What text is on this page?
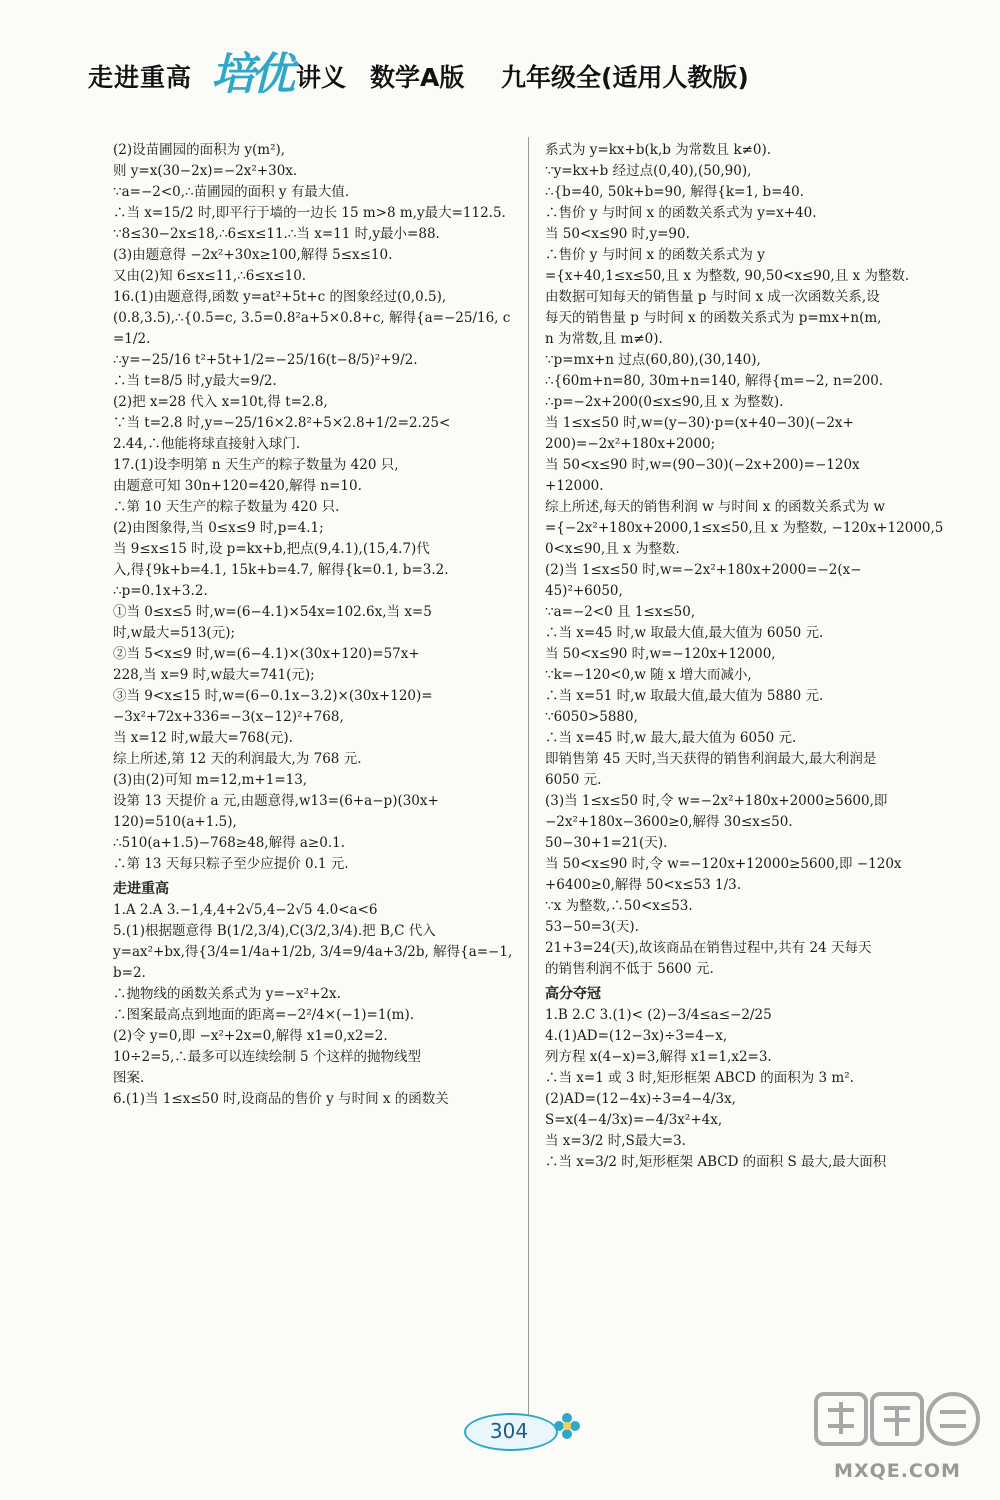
走进重高 培优 讲义 数学A版 九年级全(适用人教版)

(2)设苗圃园的面积为 y(m²),

则 y=x(30−2x)=−2x²+30x.

∵a=−2<0,∴苗圃园的面积 y 有最大值.

∴当 x=15/2 时,即平行于墙的一边长 15 m>8 m,y最大=112.5.

∵8≤30−2x≤18,∴6≤x≤11.∴当 x=11 时,y最小=88.

(3)由题意得 −2x²+30x≥100,解得 5≤x≤10.

又由(2)知 6≤x≤11,∴6≤x≤10.

16.(1)由题意得,函数 y=at²+5t+c 的图象经过(0,0.5),

(0.8,3.5),∴{0.5=c, 3.5=0.8²a+5×0.8+c, 解得{a=−25/16, c=1/2.

∴y=−25/16 t²+5t+1/2=−25/16(t−8/5)²+9/2.

∴当 t=8/5 时,y最大=9/2.

(2)把 x=28 代入 x=10t,得 t=2.8,

∵当 t=2.8 时,y=−25/16×2.8²+5×2.8+1/2=2.25<

2.44,∴他能将球直接射入球门.

17.(1)设李明第 n 天生产的粽子数量为 420 只,

由题意可知 30n+120=420,解得 n=10.

∴第 10 天生产的粽子数量为 420 只.

(2)由图象得,当 0≤x≤9 时,p=4.1;

当 9≤x≤15 时,设 p=kx+b,把点(9,4.1),(15,4.7)代

入,得{9k+b=4.1, 15k+b=4.7, 解得{k=0.1, b=3.2.

∴p=0.1x+3.2.

①当 0≤x≤5 时,w=(6−4.1)×54x=102.6x,当 x=5

时,w最大=513(元);

②当 5<x≤9 时,w=(6−4.1)×(30x+120)=57x+

228,当 x=9 时,w最大=741(元);

③当 9<x≤15 时,w=(6−0.1x−3.2)×(30x+120)=

−3x²+72x+336=−3(x−12)²+768,

当 x=12 时,w最大=768(元).

综上所述,第 12 天的利润最大,为 768 元.

(3)由(2)可知 m=12,m+1=13,

设第 13 天提价 a 元,由题意得,w13=(6+a−p)(30x+

120)=510(a+1.5),

∴510(a+1.5)−768≥48,解得 a≥0.1.

∴第 13 天每只粽子至少应提价 0.1 元.

走进重高

1.A 2.A 3.−1,4,4+2√5,4−2√5 4.0<a<6

5.(1)根据题意得 B(1/2,3/4),C(3/2,3/4).把 B,C 代入

y=ax²+bx,得{3/4=1/4a+1/2b, 3/4=9/4a+3/2b, 解得{a=−1, b=2.

∴抛物线的函数关系式为 y=−x²+2x.

∴图案最高点到地面的距离=−2²/4×(−1)=1(m).

(2)令 y=0,即 −x²+2x=0,解得 x1=0,x2=2.

10÷2=5,∴最多可以连续绘制 5 个这样的抛物线型

图案.

6.(1)当 1≤x≤50 时,设商品的售价 y 与时间 x 的函数关

系式为 y=kx+b(k,b 为常数且 k≠0).

∵y=kx+b 经过点(0,40),(50,90),

∴{b=40, 50k+b=90, 解得{k=1, b=40.

∴售价 y 与时间 x 的函数关系式为 y=x+40.

当 50<x≤90 时,y=90.

∴售价 y 与时间 x 的函数关系式为 y

={x+40,1≤x≤50,且 x 为整数, 90,50<x≤90,且 x 为整数.

由数据可知每天的销售量 p 与时间 x 成一次函数关系,设

每天的销售量 p 与时间 x 的函数关系式为 p=mx+n(m,

n 为常数,且 m≠0).

∵p=mx+n 过点(60,80),(30,140),

∴{60m+n=80, 30m+n=140, 解得{m=−2, n=200.

∴p=−2x+200(0≤x≤90,且 x 为整数).

当 1≤x≤50 时,w=(y−30)·p=(x+40−30)(−2x+

200)=−2x²+180x+2000;

当 50<x≤90 时,w=(90−30)(−2x+200)=−120x

+12000.

综上所述,每天的销售利润 w 与时间 x 的函数关系式为 w

={−2x²+180x+2000,1≤x≤50,且 x 为整数, −120x+12000,50<x≤90,且 x 为整数.

(2)当 1≤x≤50 时,w=−2x²+180x+2000=−2(x−

45)²+6050,

∵a=−2<0 且 1≤x≤50,

∴当 x=45 时,w 取最大值,最大值为 6050 元.

当 50<x≤90 时,w=−120x+12000,

∵k=−120<0,w 随 x 增大而减小,

∴当 x=51 时,w 取最大值,最大值为 5880 元.

∵6050>5880,

∴当 x=45 时,w 最大,最大值为 6050 元.

即销售第 45 天时,当天获得的销售利润最大,最大利润是

6050 元.

(3)当 1≤x≤50 时,令 w=−2x²+180x+2000≥5600,即

−2x²+180x−3600≥0,解得 30≤x≤50.

50−30+1=21(天).

当 50<x≤90 时,令 w=−120x+12000≥5600,即 −120x

+6400≥0,解得 50<x≤53 1/3.

∵x 为整数,∴50<x≤53.

53−50=3(天).

21+3=24(天),故该商品在销售过程中,共有 24 天每天

的销售利润不低于 5600 元.

高分夺冠

1.B 2.C 3.(1)< (2)−3/4≤a≤−2/25

4.(1)AD=(12−3x)÷3=4−x,

列方程 x(4−x)=3,解得 x1=1,x2=3.

∴当 x=1 或 3 时,矩形框架 ABCD 的面积为 3 m².

(2)AD=(12−4x)÷3=4−4/3x,

S=x(4−4/3x)=−4/3x²+4x,

当 x=3/2 时,S最大=3.

∴当 x=3/2 时,矩形框架 ABCD 的面积 S 最大,最大面积

304
MXQE.COM
